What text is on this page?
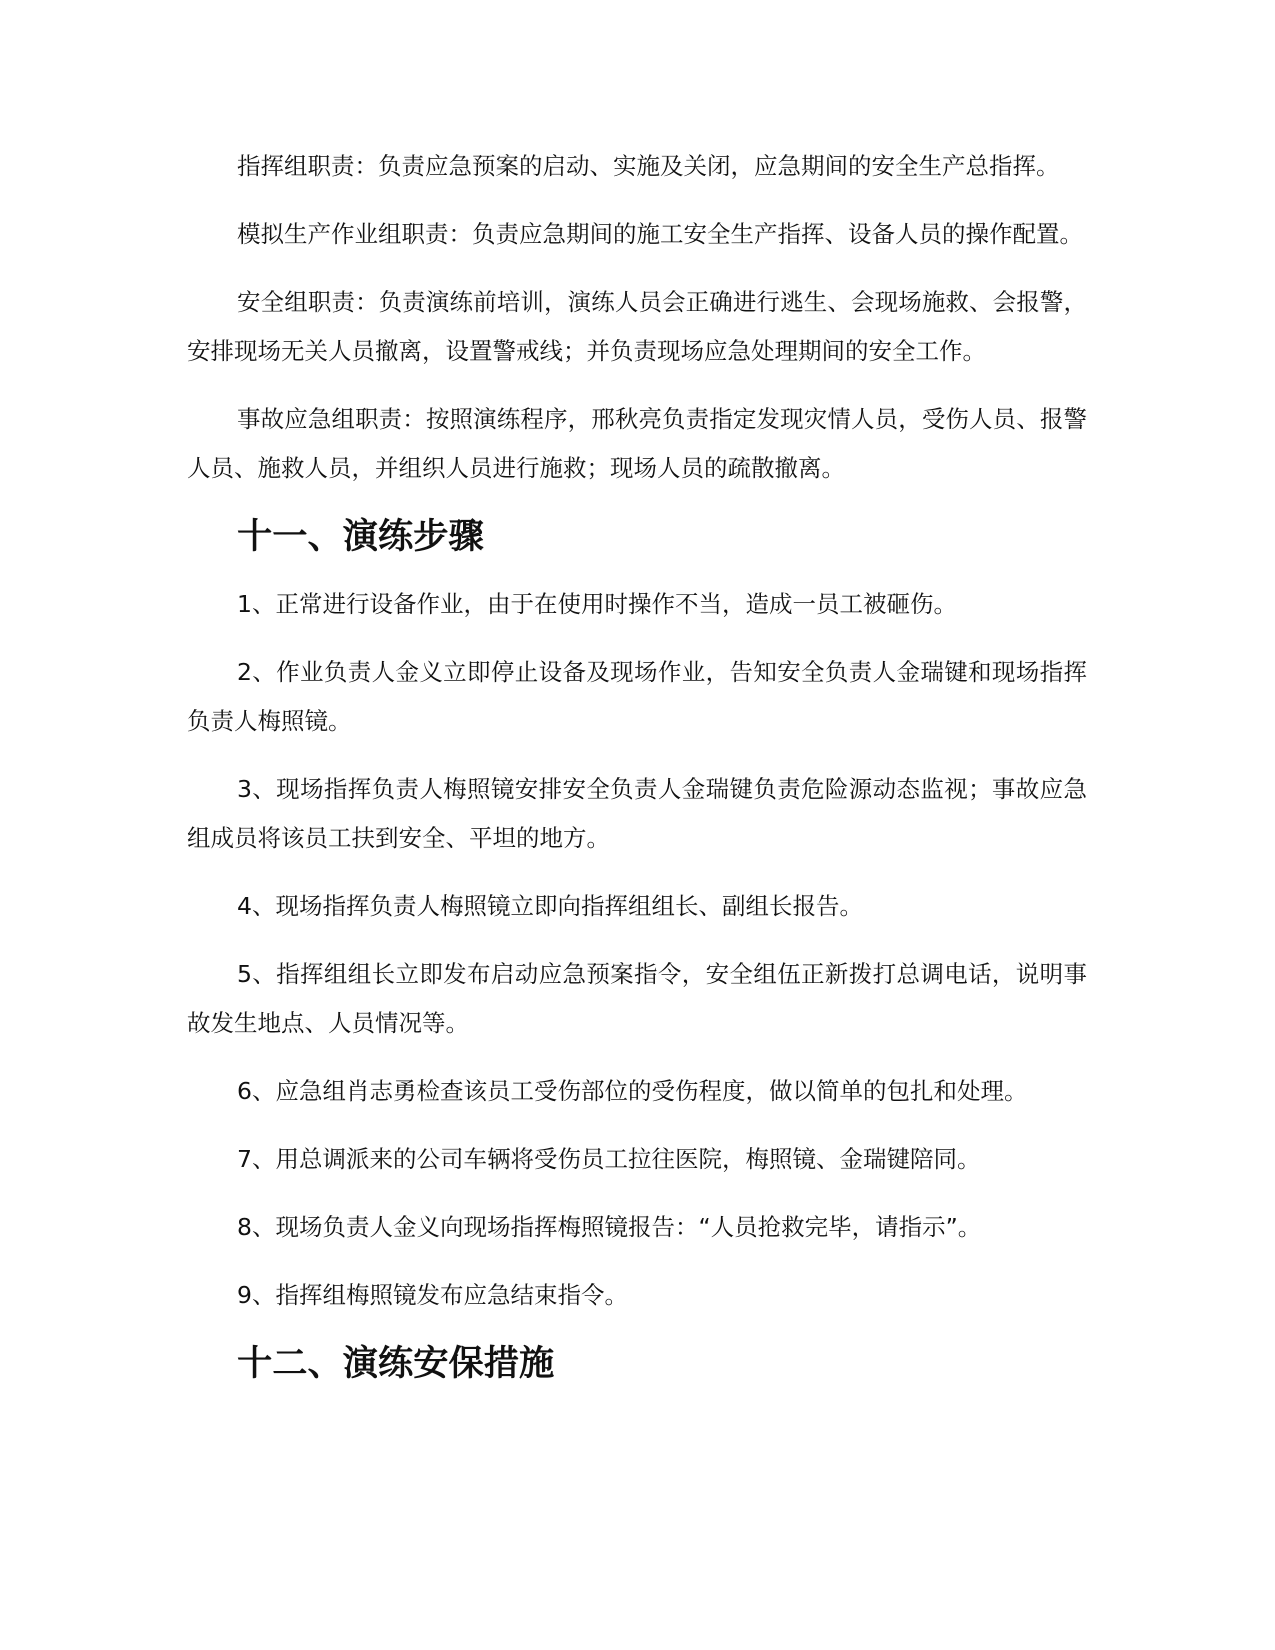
指挥组职责：负责应急预案的启动、实施及关闭，应急期间的安全生产总指挥。

模拟生产作业组职责：负责应急期间的施工安全生产指挥、设备人员的操作配置。

安全组职责：负责演练前培训，演练人员会正确进行逃生、会现场施救、会报警，安排现场无关人员撤离，设置警戒线；并负责现场应急处理期间的安全工作。

事故应急组职责：按照演练程序，邢秋亮负责指定发现灾情人员，受伤人员、报警人员、施救人员，并组织人员进行施救；现场人员的疏散撤离。

十一、演练步骤

1、正常进行设备作业，由于在使用时操作不当，造成一员工被砸伤。

2、作业负责人金义立即停止设备及现场作业，告知安全负责人金瑞键和现场指挥负责人梅照镜。

3、现场指挥负责人梅照镜安排安全负责人金瑞键负责危险源动态监视；事故应急组成员将该员工扶到安全、平坦的地方。

4、现场指挥负责人梅照镜立即向指挥组组长、副组长报告。

5、指挥组组长立即发布启动应急预案指令，安全组伍正新拨打总调电话，说明事故发生地点、人员情况等。

6、应急组肖志勇检查该员工受伤部位的受伤程度，做以简单的包扎和处理。

7、用总调派来的公司车辆将受伤员工拉往医院，梅照镜、金瑞键陪同。

8、现场负责人金义向现场指挥梅照镜报告：“人员抢救完毕，请指示”。

9、指挥组梅照镜发布应急结束指令。

十二、演练安保措施
